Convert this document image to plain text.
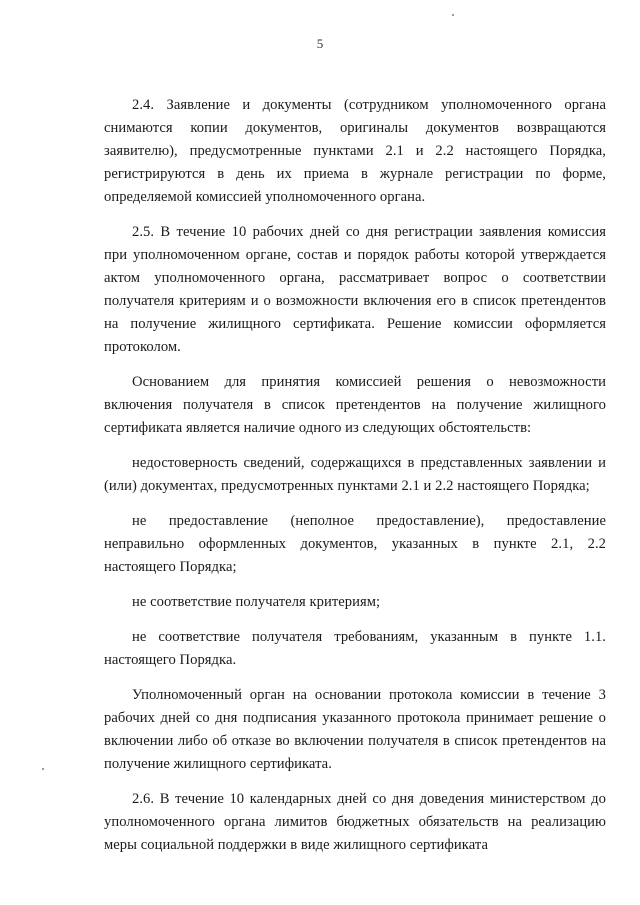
5

2.4. Заявление и документы (сотрудником уполномоченного органа снимаются копии документов, оригиналы документов возвращаются заявителю), предусмотренные пунктами 2.1 и 2.2 настоящего Порядка, регистрируются в день их приема в журнале регистрации по форме, определяемой комиссией уполномоченного органа.

2.5. В течение 10 рабочих дней со дня регистрации заявления комиссия при уполномоченном органе, состав и порядок работы которой утверждается актом уполномоченного органа, рассматривает вопрос о соответствии получателя критериям и о возможности включения его в список претендентов на получение жилищного сертификата. Решение комиссии оформляется протоколом.

Основанием для принятия комиссией решения о невозможности включения получателя в список претендентов на получение жилищного сертификата является наличие одного из следующих обстоятельств:

недостоверность сведений, содержащихся в представленных заявлении и (или) документах, предусмотренных пунктами 2.1 и 2.2 настоящего Порядка;

не предоставление (неполное предоставление), предоставление неправильно оформленных документов, указанных в пункте 2.1, 2.2 настоящего Порядка;

не соответствие получателя критериям;

не соответствие получателя требованиям, указанным в пункте 1.1. настоящего Порядка.

Уполномоченный орган на основании протокола комиссии в течение 3 рабочих дней со дня подписания указанного протокола принимает решение о включении либо об отказе во включении получателя в список претендентов на получение жилищного сертификата.

2.6. В течение 10 календарных дней со дня доведения министерством до уполномоченного органа лимитов бюджетных обязательств на реализацию меры социальной поддержки в виде жилищного сертификата
